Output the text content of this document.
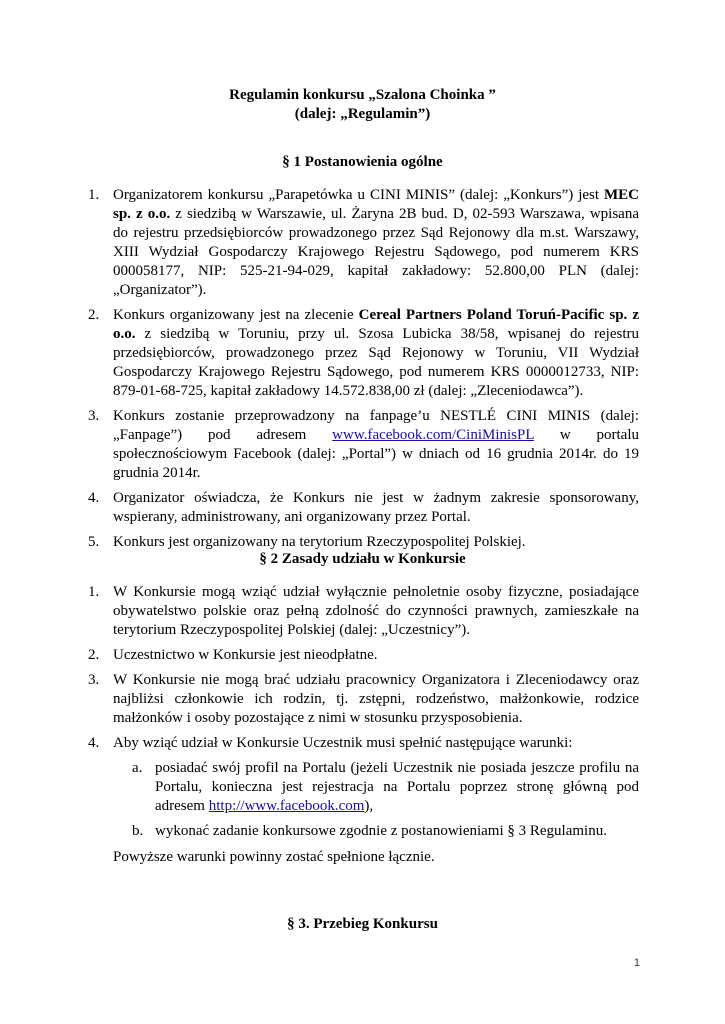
Regulamin konkursu „Szalona Choinka ”
(dalej: „Regulamin”)
§ 1 Postanowienia ogólne
1. Organizatorem konkursu „Parapetówka u CINI MINIS” (dalej: „Konkurs”) jest MEC sp. z o.o. z siedzibą w Warszawie, ul. Żaryna 2B bud. D, 02-593 Warszawa, wpisana do rejestru przedsiębiorców prowadzonego przez Sąd Rejonowy dla m.st. Warszawy, XIII Wydział Gospodarczy Krajowego Rejestru Sądowego, pod numerem KRS 000058177, NIP: 525-21-94-029, kapitał zakładowy: 52.800,00 PLN (dalej: „Organizator”).
2. Konkurs organizowany jest na zlecenie Cereal Partners Poland Toruń-Pacific sp. z o.o. z siedzibą w Toruniu, przy ul. Szosa Lubicka 38/58, wpisanej do rejestru przedsiębiorców, prowadzonego przez Sąd Rejonowy w Toruniu, VII Wydział Gospodarczy Krajowego Rejestru Sądowego, pod numerem KRS 0000012733, NIP: 879-01-68-725, kapitał zakładowy 14.572.838,00 zł (dalej: „Zleceniodawca”).
3. Konkurs zostanie przeprowadzony na fanpage’u NESTLÉ CINI MINIS (dalej: „Fanpage”) pod adresem www.facebook.com/CiniMinisPL w portalu społecznościowym Facebook (dalej: „Portal”) w dniach od 16 grudnia 2014r. do 19 grudnia 2014r.
4. Organizator oświadcza, że Konkurs nie jest w żadnym zakresie sponsorowany, wspierany, administrowany, ani organizowany przez Portal.
5. Konkurs jest organizowany na terytorium Rzeczypospolitej Polskiej.
§ 2 Zasady udziału w Konkursie
1. W Konkursie mogą wziąć udział wyłącznie pełnoletnie osoby fizyczne, posiadające obywatelstwo polskie oraz pełną zdolność do czynności prawnych, zamieszkałe na terytorium Rzeczypospolitej Polskiej (dalej: „Uczestnicy”).
2. Uczestnictwo w Konkursie jest nieodpłatne.
3. W Konkursie nie mogą brać udziału pracownicy Organizatora i Zleceniodawcy oraz najbliżsi członkowie ich rodzin, tj. zstępni, rodzeństwo, małżonkowie, rodzice małżonków i osoby pozostające z nimi w stosunku przysposobienia.
4. Aby wziąć udział w Konkursie Uczestnik musi spełnić następujące warunki:
a. posiadać swój profil na Portalu (jeżeli Uczestnik nie posiada jeszcze profilu na Portalu, konieczna jest rejestracja na Portalu poprzez stronę główną pod adresem http://www.facebook.com),
b. wykonać zadanie konkursowe zgodnie z postanowieniami § 3 Regulaminu.
Powyższe warunki powinny zostać spełnione łącznie.
§ 3. Przebieg Konkursu
1
